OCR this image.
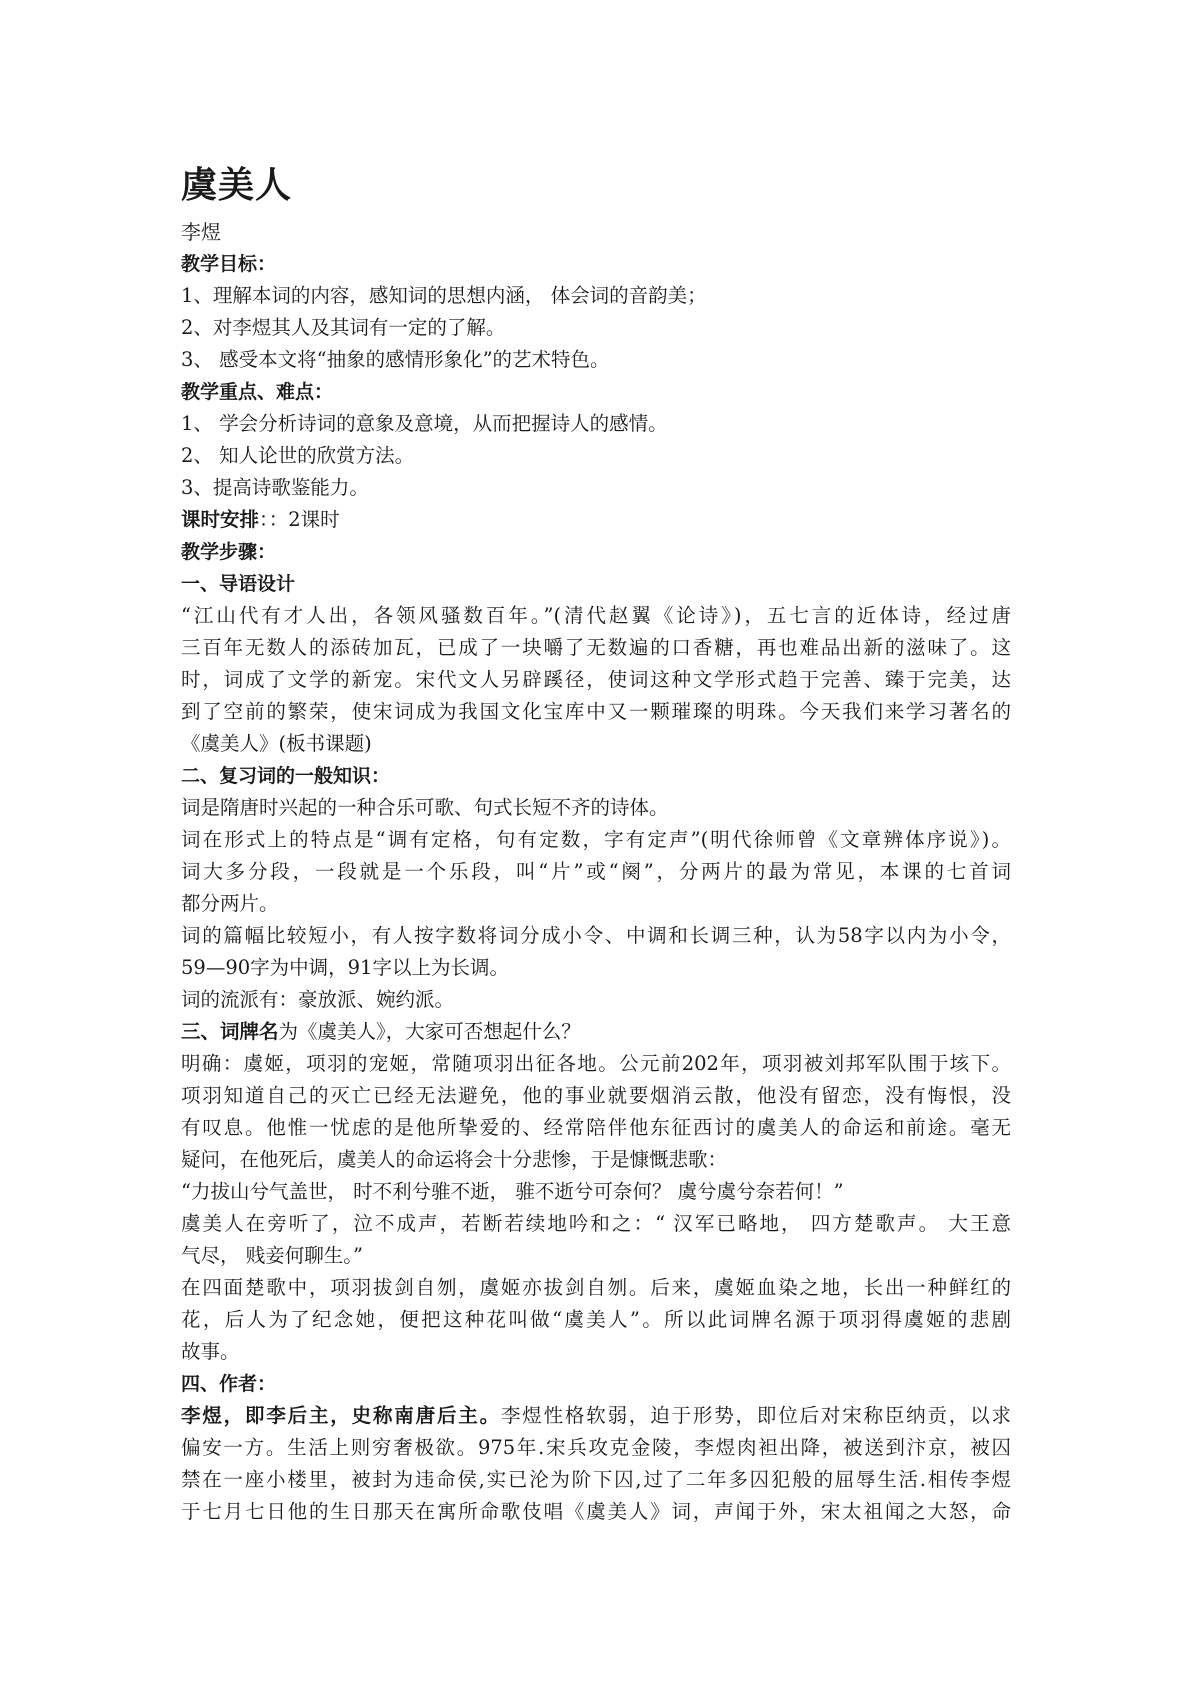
虞美人
李煜
教学目标：
1、理解本词的内容，感知词的思想内涵， 体会词的音韵美；
2、对李煜其人及其词有一定的了解。
3、 感受本文将“抽象的感情形象化”的艺术特色。
教学重点、难点：
1、 学会分析诗词的意象及意境，从而把握诗人的感情。
2、 知人论世的欣赏方法。
3、提高诗歌鉴能力。
课时安排：：2课时
教学步骤：
一、导语设计
“江山代有才人出，各领风骚数百年。”(清代赵翼《论诗》)，五七言的近体诗，经过唐
三百年无数人的添砖加瓦，已成了一块嚼了无数遍的口香糖，再也难品出新的滋味了。这
时，词成了文学的新宠。宋代文人另辟蹊径，使词这种文学形式趋于完善、臻于完美，达
到了空前的繁荣，使宋词成为我国文化宝库中又一颗璀璨的明珠。今天我们来学习著名的
《虞美人》(板书课题)
二、复习词的一般知识：
词是隋唐时兴起的一种合乐可歌、句式长短不齐的诗体。
词在形式上的特点是“调有定格，句有定数，字有定声”(明代徐师曾《文章辨体序说》)。
词大多分段，一段就是一个乐段，叫“片”或“阕”，分两片的最为常见，本课的七首词
都分两片。
词的篇幅比较短小，有人按字数将词分成小令、中调和长调三种，认为58字以内为小令，
59—90字为中调，91字以上为长调。
词的流派有：豪放派、婉约派。
三、词牌名为《虞美人》，大家可否想起什么？
明确：虞姬，项羽的宠姬，常随项羽出征各地。公元前202年，项羽被刘邦军队围于垓下。
项羽知道自己的灭亡已经无法避免，他的事业就要烟消云散，他没有留恋，没有悔恨，没
有叹息。他惟一忧虑的是他所挚爱的、经常陪伴他东征西讨的虞美人的命运和前途。毫无
疑问，在他死后，虞美人的命运将会十分悲惨，于是慷慨悲歌：
“力拔山兮气盖世， 时不利兮骓不逝， 骓不逝兮可奈何？ 虞兮虞兮奈若何！”
虞美人在旁听了，泣不成声，若断若续地吟和之：“ 汉军已略地， 四方楚歌声。 大王意
气尽， 贱妾何聊生。”
在四面楚歌中，项羽拔剑自刎，虞姬亦拔剑自刎。后来，虞姬血染之地，长出一种鲜红的
花，后人为了纪念她，便把这种花叫做“虞美人”。所以此词牌名源于项羽得虞姬的悲剧
故事。
四、作者：
李煜，即李后主，史称南唐后主。李煜性格软弱，迫于形势，即位后对宋称臣纳贡，以求
偏安一方。生活上则穷奢极欲。975年.宋兵攻克金陵，李煜肉袒出降，被送到汴京，被囚
禁在一座小楼里，被封为违命侯,实已沦为阶下囚,过了二年多囚犯般的屈辱生活.相传李煜
于七月七日他的生日那天在寓所命歌伎唱《虞美人》词，声闻于外，宋太祖闻之大怒，命
